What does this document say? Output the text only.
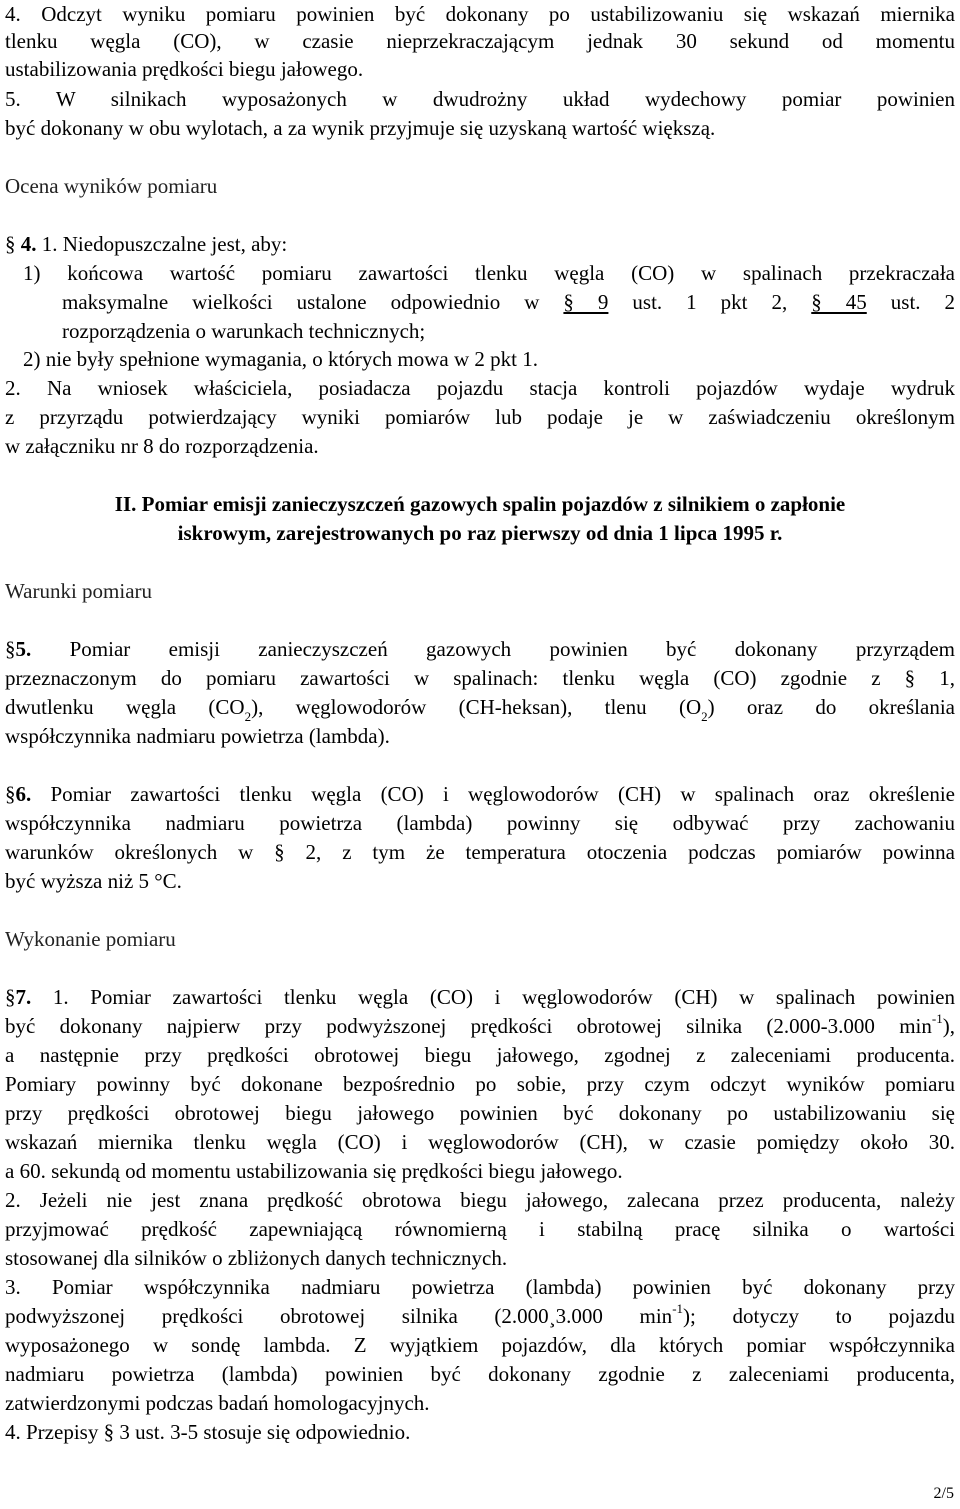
4. Odczyt wyniku pomiaru powinien być dokonany po ustabilizowaniu się wskazań miernika
tlenku węgla (CO), w czasie nieprzekraczającym jednak 30 sekund od momentu
ustabilizowania prędkości biegu jałowego.
5. W silnikach wyposażonych w dwudrożny układ wydechowy pomiar powinien
być dokonany w obu wylotach, a za wynik przyjmuje się uzyskaną wartość większą.
Ocena wyników pomiaru
§ 4. 1. Niedopuszczalne jest, aby:
1) końcowa wartość pomiaru zawartości tlenku węgla (CO) w spalinach przekraczała
maksymalne wielkości ustalone odpowiednio w § 9 ust. 1 pkt 2, § 45 ust. 2
rozporządzenia o warunkach technicznych;
2) nie były spełnione wymagania, o których mowa w 2 pkt 1.
2. Na wniosek właściciela, posiadacza pojazdu stacja kontroli pojazdów wydaje wydruk
z przyrządu potwierdzający wyniki pomiarów lub podaje je w zaświadczeniu określonym
w załączniku nr 8 do rozporządzenia.
II. Pomiar emisji zanieczyszczeń gazowych spalin pojazdów z silnikiem o zapłonie
iskrowym, zarejestrowanych po raz pierwszy od dnia 1 lipca 1995 r.
Warunki pomiaru
§5. Pomiar emisji zanieczyszczeń gazowych powinien być dokonany przyrządem
przeznaczonym do pomiaru zawartości w spalinach: tlenku węgla (CO) zgodnie z § 1,
dwutlenku węgla $(CO_2)$, węglowodorów (CH-heksan), tlenu $(O_2)$ oraz do określania
współczynnika nadmiaru powietrza (lambda).
§6. Pomiar zawartości tlenku węgla (CO) i węglowodorów (CH) w spalinach oraz określenie
współczynnika nadmiaru powietrza (lambda) powinny się odbywać przy zachowaniu
warunków określonych w § 2, z tym że temperatura otoczenia podczas pomiarów powinna
być wyższa niż 5 °C.
Wykonanie pomiaru
§7. 1. Pomiar zawartości tlenku węgla (CO) i węglowodorów (CH) w spalinach powinien
być dokonany najpierw przy podwyższonej prędkości obrotowej silnika (2.000-3.000 $\min^{-1}$),
a następnie przy prędkości obrotowej biegu jałowego, zgodnej z zaleceniami producenta.
Pomiary powinny być dokonane bezpośrednio po sobie, przy czym odczyt wyników pomiaru
przy prędkości obrotowej biegu jałowego powinien być dokonany po ustabilizowaniu się
wskazań miernika tlenku węgla (CO) i węglowodorów (CH), w czasie pomiędzy około 30.
a 60. sekundą od momentu ustabilizowania się prędkości biegu jałowego.
2. Jeżeli nie jest znana prędkość obrotowa biegu jałowego, zalecana przez producenta, należy
przyjmować prędkość zapewniającą równomierną i stabilną pracę silnika o wartości
stosowanej dla silników o zbliżonych danych technicznych.
3. Pomiar współczynnika nadmiaru powietrza (lambda) powinien być dokonany przy
podwyższonej prędkości obrotowej silnika (2.000¸3.000 $\min^{-1}$); dotyczy to pojazdu
wyposażonego w sondę lambda. Z wyjątkiem pojazdów, dla których pomiar współczynnika
nadmiaru powietrza (lambda) powinien być dokonany zgodnie z zaleceniami producenta,
zatwierdzonymi podczas badań homologacyjnych.
4. Przepisy § 3 ust. 3-5 stosuje się odpowiednio.
2/5
